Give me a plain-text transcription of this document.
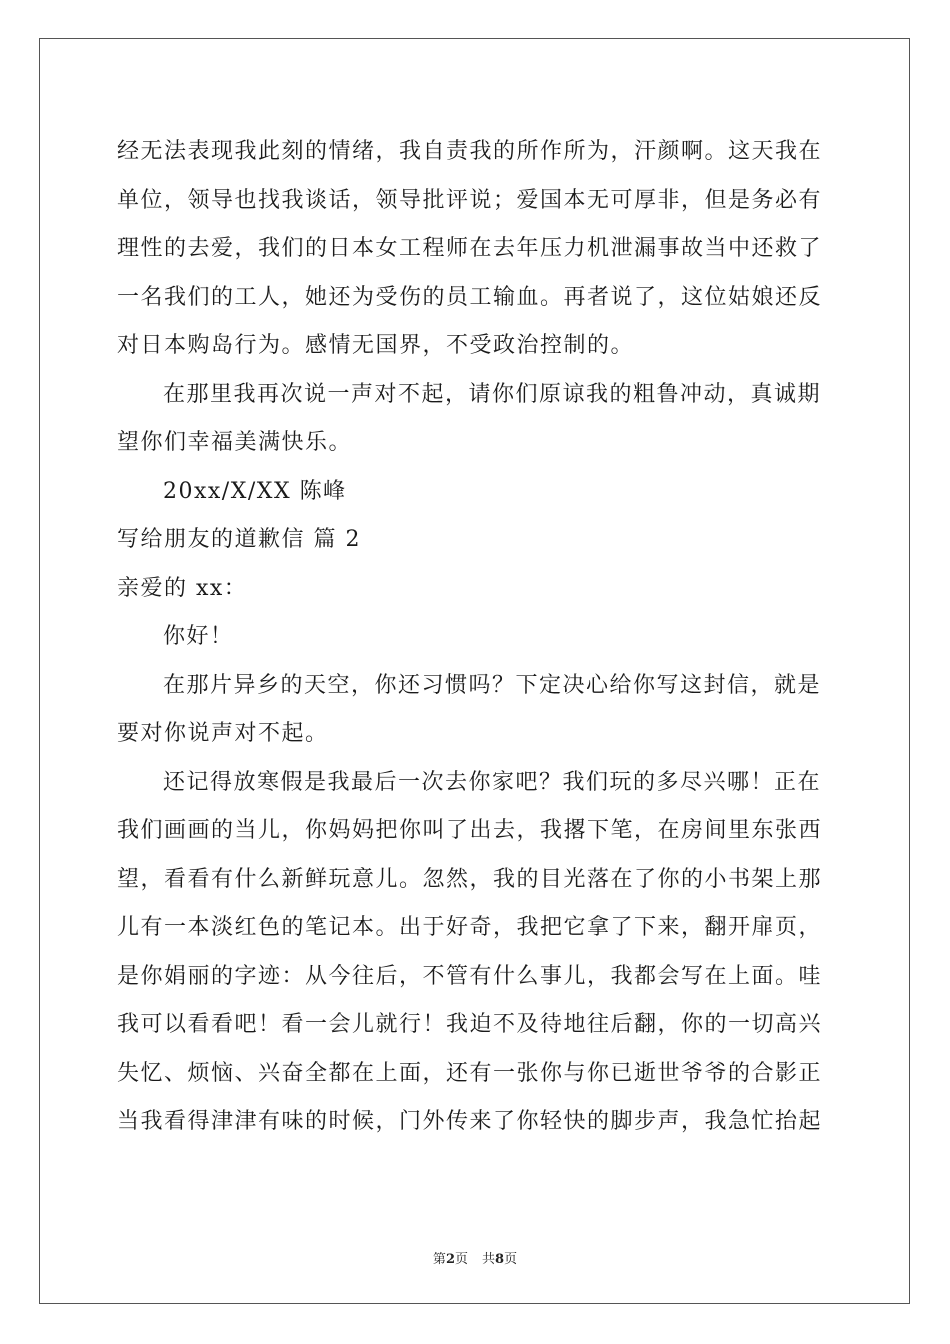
经无法表现我此刻的情绪，我自责我的所作所为，汗颜啊。这天我在
单位，领导也找我谈话，领导批评说；爱国本无可厚非，但是务必有
理性的去爱，我们的日本女工程师在去年压力机泄漏事故当中还救了
一名我们的工人，她还为受伤的员工输血。再者说了，这位姑娘还反
对日本购岛行为。感情无国界，不受政治控制的。
在那里我再次说一声对不起，请你们原谅我的粗鲁冲动，真诚期
望你们幸福美满快乐。
20xx/X/XX 陈峰
写给朋友的道歉信 篇 2
亲爱的 xx：
你好！
在那片异乡的天空，你还习惯吗？下定决心给你写这封信，就是
要对你说声对不起。
还记得放寒假是我最后一次去你家吧？我们玩的多尽兴哪！正在
我们画画的当儿，你妈妈把你叫了出去，我撂下笔，在房间里东张西
望，看看有什么新鲜玩意儿。忽然，我的目光落在了你的小书架上那
儿有一本淡红色的笔记本。出于好奇，我把它拿了下来，翻开扉页，
是你娟丽的字迹：从今往后，不管有什么事儿，我都会写在上面。哇
我可以看看吧！看一会儿就行！我迫不及待地往后翻，你的一切高兴
失忆、烦恼、兴奋全都在上面，还有一张你与你已逝世爷爷的合影正
当我看得津津有味的时候，门外传来了你轻快的脚步声，我急忙抬起
第2页 共8页
